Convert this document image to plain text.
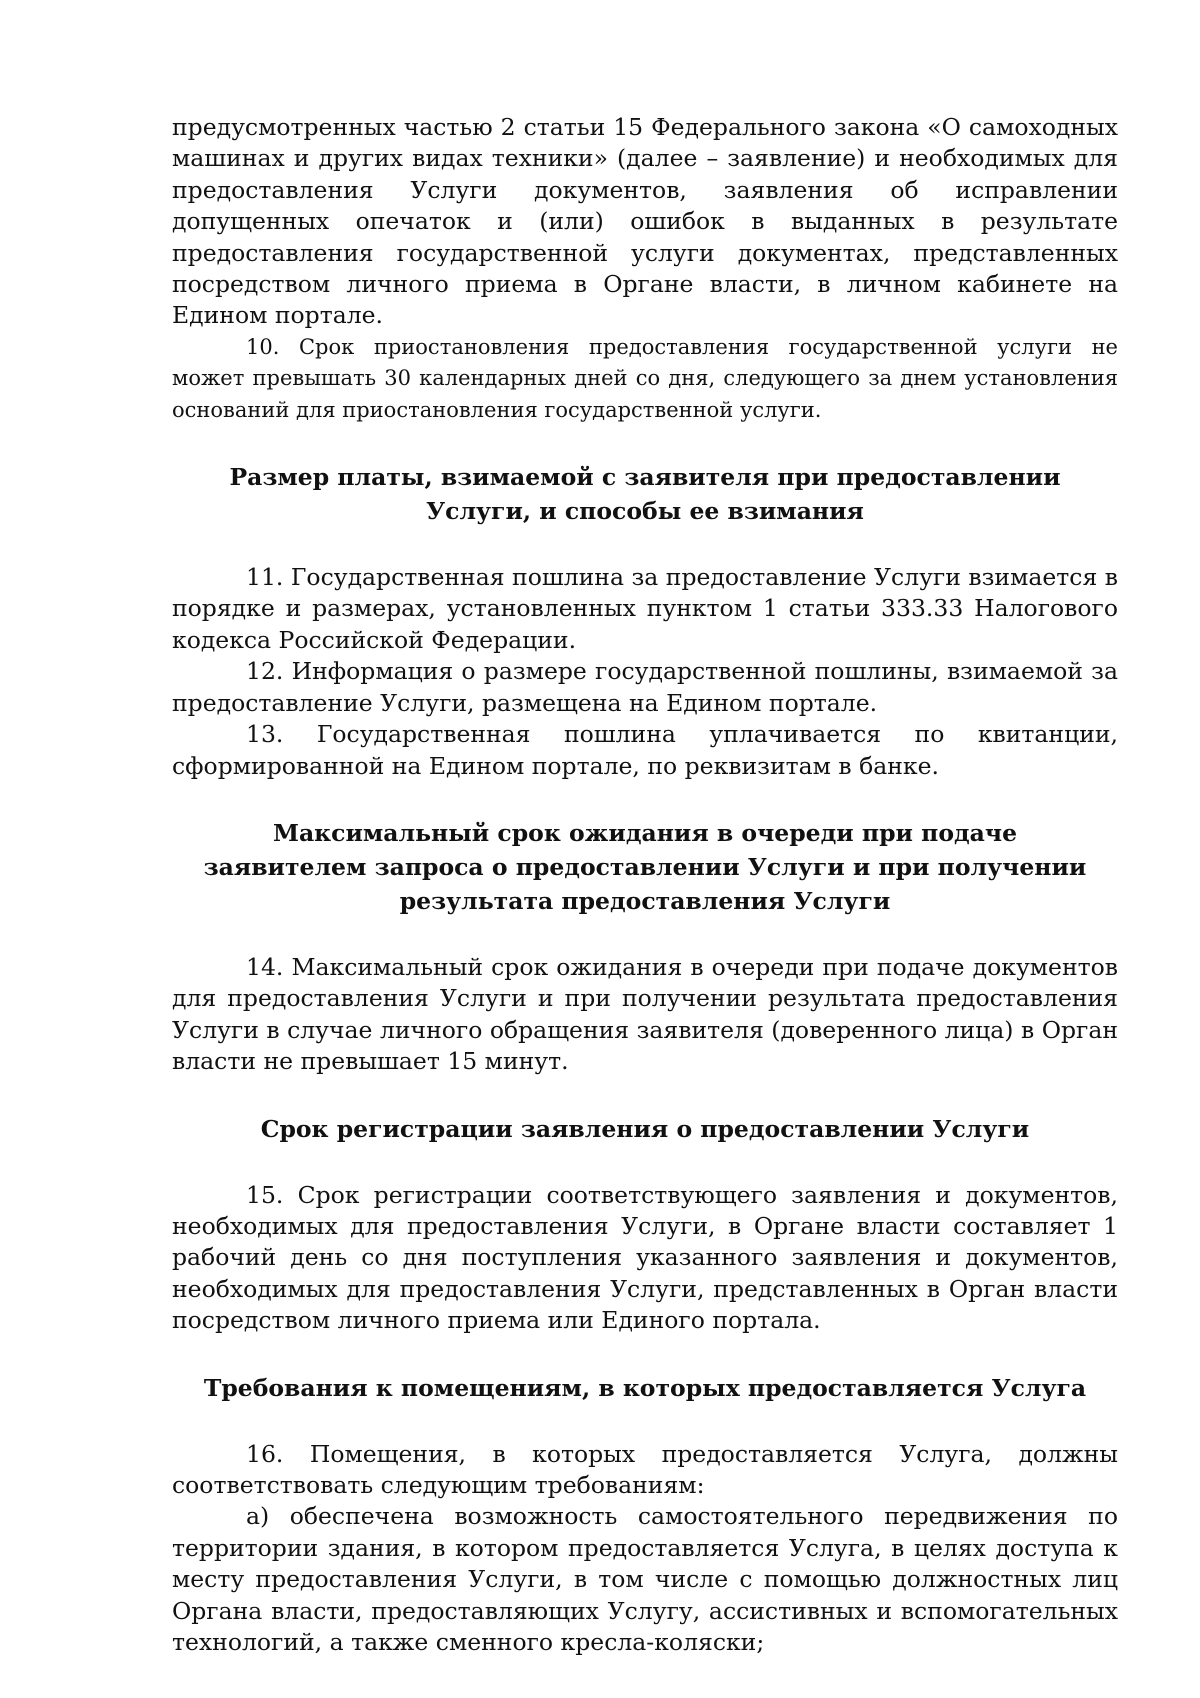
предусмотренных частью 2 статьи 15 Федерального закона «О самоходных машинах и других видах техники» (далее – заявление) и необходимых для предоставления Услуги документов, заявления об исправлении допущенных опечаток и (или) ошибок в выданных в результате предоставления государственной услуги документах, представленных посредством личного приема в Органе власти, в личном кабинете на Едином портале.

10. Срок приостановления предоставления государственной услуги не может превышать 30 календарных дней со дня, следующего за днем установления оснований для приостановления государственной услуги.

Размер платы, взимаемой с заявителя при предоставлении Услуги, и способы ее взимания

11. Государственная пошлина за предоставление Услуги взимается в порядке и размерах, установленных пунктом 1 статьи 333.33 Налогового кодекса Российской Федерации.

12. Информация о размере государственной пошлины, взимаемой за предоставление Услуги, размещена на Едином портале.

13. Государственная пошлина уплачивается по квитанции, сформированной на Едином портале, по реквизитам в банке.

Максимальный срок ожидания в очереди при подаче заявителем запроса о предоставлении Услуги и при получении результата предоставления Услуги

14. Максимальный срок ожидания в очереди при подаче документов для предоставления Услуги и при получении результата предоставления Услуги в случае личного обращения заявителя (доверенного лица) в Орган власти не превышает 15 минут.

Срок регистрации заявления о предоставлении Услуги

15. Срок регистрации соответствующего заявления и документов, необходимых для предоставления Услуги, в Органе власти составляет 1 рабочий день со дня поступления указанного заявления и документов, необходимых для предоставления Услуги, представленных в Орган власти посредством личного приема или Единого портала.

Требования к помещениям, в которых предоставляется Услуга

16. Помещения, в которых предоставляется Услуга, должны соответствовать следующим требованиям:

а) обеспечена возможность самостоятельного передвижения по территории здания, в котором предоставляется Услуга, в целях доступа к месту предоставления Услуги, в том числе с помощью должностных лиц Органа власти, предоставляющих Услугу, ассистивных и вспомогательных технологий, а также сменного кресла-коляски;
